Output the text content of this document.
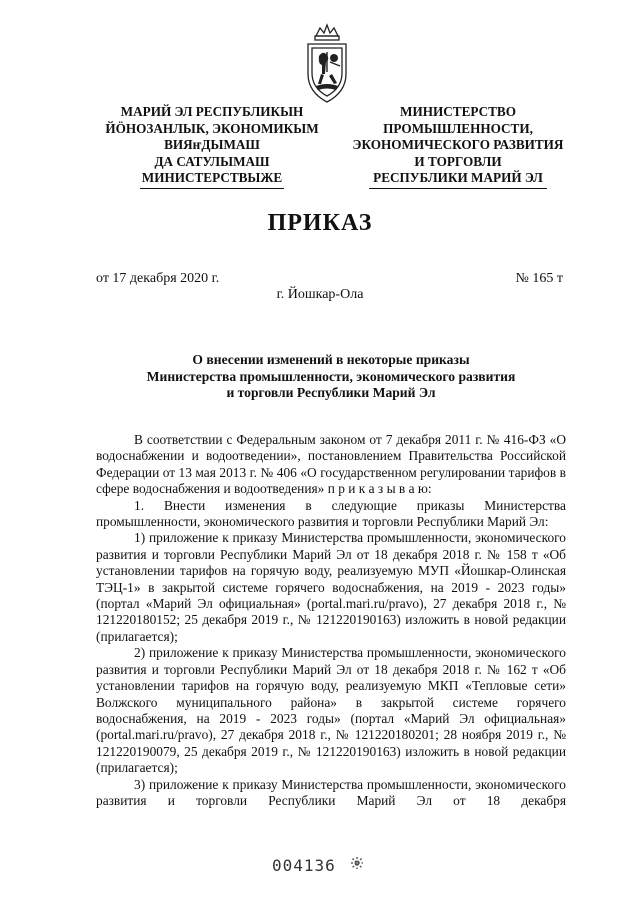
МАРИЙ ЭЛ РЕСПУБЛИКЫН
ЙӦНОЗАНЛЫК, ЭКОНОМИКЫМ
ВИЯҥДЫМАШ
ДА САТУЛЫМАШ
МИНИСТЕРСТВЫЖЕ
МИНИСТЕРСТВО
ПРОМЫШЛЕННОСТИ,
ЭКОНОМИЧЕСКОГО РАЗВИТИЯ
И ТОРГОВЛИ
РЕСПУБЛИКИ МАРИЙ ЭЛ
ПРИКАЗ
от 17 декабря 2020 г.	№ 165 т
г. Йошкар-Ола
О внесении изменений в некоторые приказы
Министерства промышленности, экономического развития
и торговли Республики Марий Эл

В соответствии с Федеральным законом от 7 декабря 2011 г. № 416-ФЗ «О водоснабжении и водоотведении», постановлением Правительства Российской Федерации от 13 мая 2013 г. № 406 «О государственном регулировании тарифов в сфере водоснабжения и водоотведения» п р и к а з ы в а ю:

1. Внести изменения в следующие приказы Министерства промышленности, экономического развития и торговли Республики Марий Эл:

1) приложение к приказу Министерства промышленности, экономического развития и торговли Республики Марий Эл от 18 декабря 2018 г. № 158 т «Об установлении тарифов на горячую воду, реализуемую МУП «Йошкар-Олинская ТЭЦ-1» в закрытой системе горячего водоснабжения, на 2019 - 2023 годы» (портал «Марий Эл официальная» (portal.mari.ru/pravo), 27 декабря 2018 г., № 121220180152; 25 декабря 2019 г., № 121220190163) изложить в новой редакции (прилагается);

2) приложение к приказу Министерства промышленности, экономического развития и торговли Республики Марий Эл от 18 декабря 2018 г. № 162 т «Об установлении тарифов на горячую воду, реализуемую МКП «Тепловые сети» Волжского муниципального района» в закрытой системе горячего водоснабжения, на 2019 - 2023 годы» (портал «Марий Эл официальная» (portal.mari.ru/pravo), 27 декабря 2018 г., № 121220180201; 28 ноября 2019 г., № 121220190079, 25 декабря 2019 г., № 121220190163) изложить в новой редакции (прилагается);

3) приложение к приказу Министерства промышленности, экономического развития и торговли Республики Марий Эл от 18 декабря

004136
